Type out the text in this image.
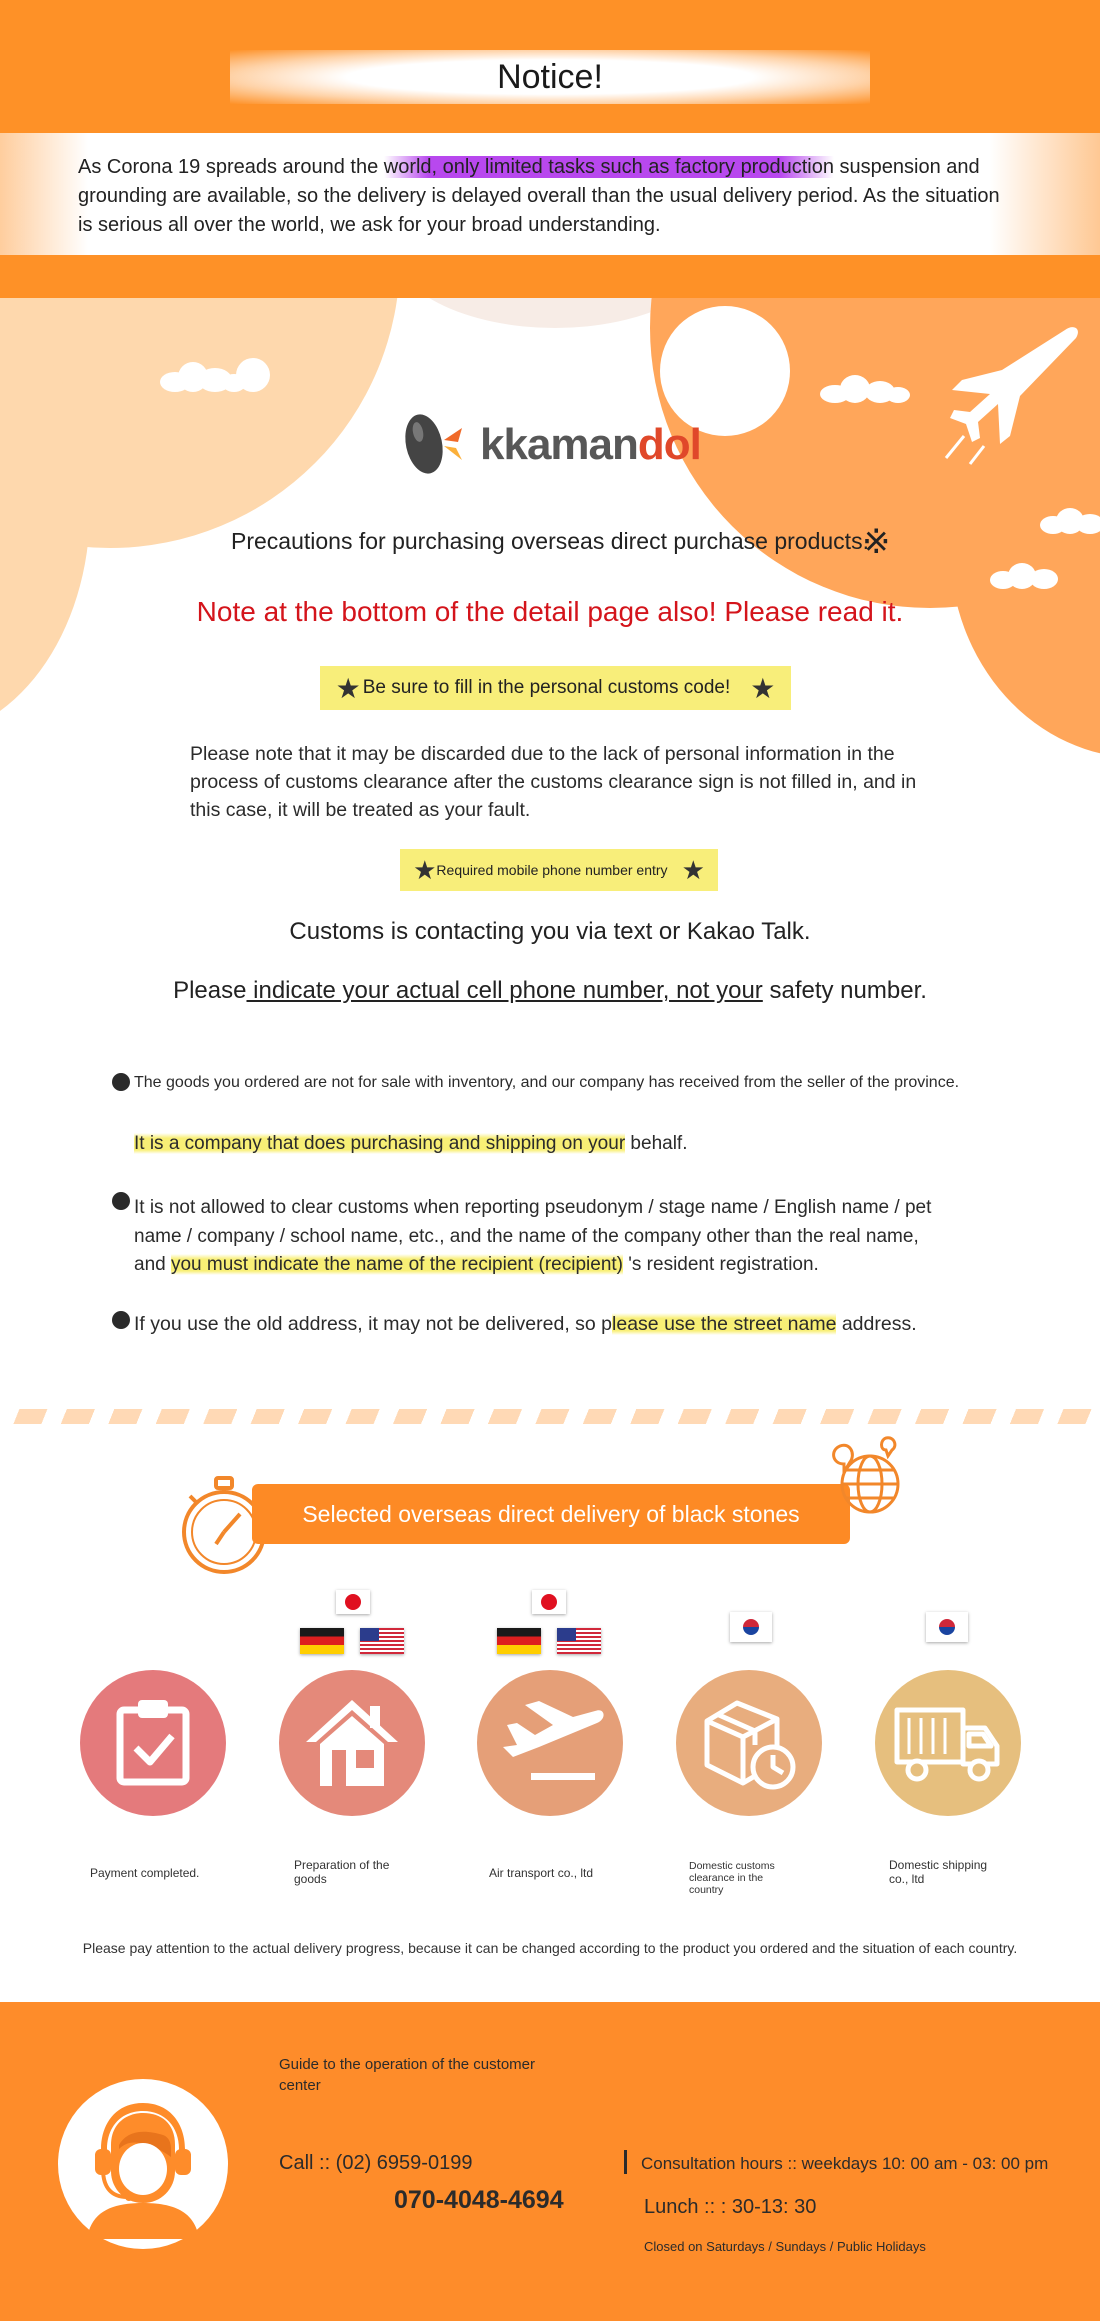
Notice!

As Corona 19 spreads around the world, only limited tasks such as factory production suspension and grounding are available, so the delivery is delayed overall than the usual delivery period. As the situation is serious all over the world, we ask for your broad understanding.

kkamandol
Precautions for purchasing overseas direct purchase products.
※
Note at the bottom of the detail page also! Please read it.
★ Be sure to fill in the personal customs code! ★

Please note that it may be discarded due to the lack of personal information in the process of customs clearance after the customs clearance sign is not filled in, and in this case, it will be treated as your fault.

★ Required mobile phone number entry ★
Customs is contacting you via text or Kakao Talk.
Please indicate your actual cell phone number, not your safety number.
The goods you ordered are not for sale with inventory, and our company has received from the seller of the province.
It is a company that does purchasing and shipping on your behalf.

It is not allowed to clear customs when reporting pseudonym / stage name / English name / pet name / company / school name, etc., and the name of the company other than the real name, and you must indicate the name of the recipient (recipient) 's resident registration.

If you use the old address, it may not be delivered, so please use the street name address.
Selected overseas direct delivery of black stones
Payment completed.
Preparation of the goods	Air transport co., ltd	Domestic customs clearance in the country
Domestic shipping co., ltd
Please pay attention to the actual delivery progress, because it can be changed according to the product you ordered and the situation of each country.
Guide to the operation of the customer center
Call :: (02) 6959-0199
070-4048-4694
Consultation hours :: weekdays 10: 00 am - 03: 00 pm
Lunch :: : 30-13: 30
Closed on Saturdays / Sundays / Public Holidays
